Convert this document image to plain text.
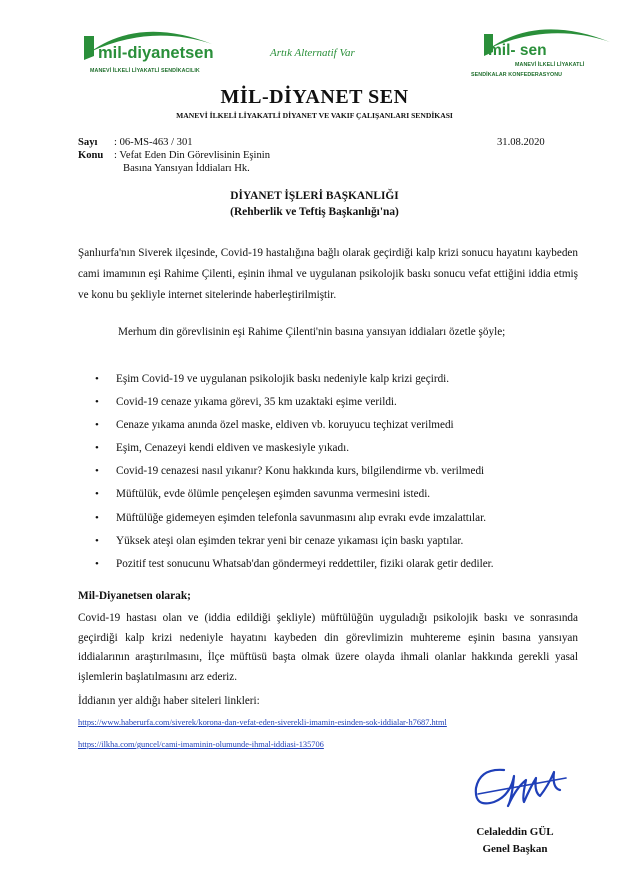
mil-diyanetsen
MANEVİ İLKELİ LİYAKATLİ SENDİKACILIK
Artık Alternatif Var	mil- sen
MANEVİ İLKELİ LİYAKATLİ
SENDİKALAR KONFEDERASYONU
MİL-DİYANET SEN
MANEVİ İLKELİ LİYAKATLİ DİYANET VE VAKIF ÇALIŞANLARI SENDİKASI
Sayı : 06-MS-463 / 301	31.08.2020
Konu : Vefat Eden Din Görevlisinin Eşinin
Basına Yansıyan İddiaları Hk.
DİYANET İŞLERİ BAŞKANLIĞI
(Rehberlik ve Teftiş Başkanlığı'na)
Şanlıurfa'nın Siverek ilçesinde, Covid-19 hastalığına bağlı olarak geçirdiği kalp krizi sonucu hayatını kaybeden cami imamının eşi Rahime Çilenti, eşinin ihmal ve uygulanan psikolojik baskı sonucu vefat ettiğini iddia etmiş ve konu bu şekliyle internet sitelerinde haberleştirilmiştir.
Merhum din görevlisinin eşi Rahime Çilenti'nin basına yansıyan iddiaları özetle şöyle;
• Eşim Covid-19 ve uygulanan psikolojik baskı nedeniyle kalp krizi geçirdi.
• Covid-19 cenaze yıkama görevi, 35 km uzaktaki eşime verildi.
• Cenaze yıkama anında özel maske, eldiven vb. koruyucu teçhizat verilmedi
• Eşim, Cenazeyi kendi eldiven ve maskesiyle yıkadı.
• Covid-19 cenazesi nasıl yıkanır? Konu hakkında kurs, bilgilendirme vb. verilmedi
• Müftülük, evde ölümle pençeleşen eşimden savunma vermesini istedi.
• Müftülüğe gidemeyen eşimden telefonla savunmasını alıp evrakı evde imzalattılar.
• Yüksek ateşi olan eşimden tekrar yeni bir cenaze yıkaması için baskı yaptılar.
• Pozitif test sonucunu Whatsab'dan göndermeyi reddettiler, fiziki olarak getir dediler.
Mil-Diyanetsen olarak;
Covid-19 hastası olan ve (iddia edildiği şekliyle) müftülüğün uyguladığı psikolojik baskı ve sonrasında geçirdiği kalp krizi nedeniyle hayatını kaybeden din görevlimizin muhtereme eşinin basına yansıyan iddialarının araştırılmasını, İlçe müftüsü başta olmak üzere olayda ihmali olanlar hakkında gerekli yasal işlemlerin başlatılmasını arz ederiz.
İddianın yer aldığı haber siteleri linkleri:
https://www.haberurfa.com/siverek/korona-dan-vefat-eden-siverekli-imamin-esinden-sok-iddialar-h7687.html
https://ilkha.com/guncel/cami-imaminin-olumunde-ihmal-iddiasi-135706
Celaleddin GÜL
Genel Başkan
